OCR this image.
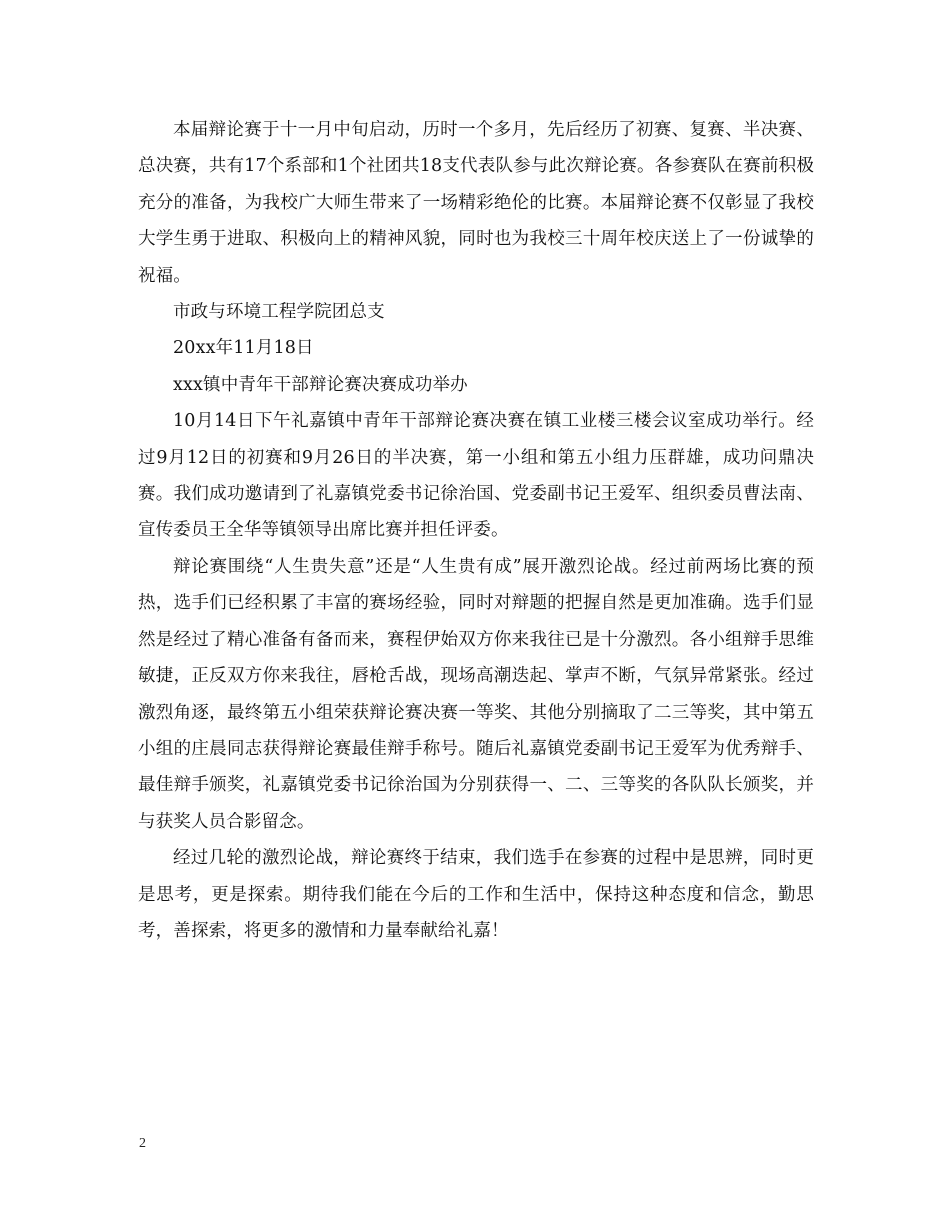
本届辩论赛于十一月中旬启动，历时一个多月，先后经历了初赛、复赛、半决赛、总决赛，共有17个系部和1个社团共18支代表队参与此次辩论赛。各参赛队在赛前积极充分的准备，为我校广大师生带来了一场精彩绝伦的比赛。本届辩论赛不仅彰显了我校大学生勇于进取、积极向上的精神风貌，同时也为我校三十周年校庆送上了一份诚挚的祝福。

市政与环境工程学院团总支

20xx年11月18日

xxx镇中青年干部辩论赛决赛成功举办

10月14日下午礼嘉镇中青年干部辩论赛决赛在镇工业楼三楼会议室成功举行。经过9月12日的初赛和9月26日的半决赛，第一小组和第五小组力压群雄，成功问鼎决赛。我们成功邀请到了礼嘉镇党委书记徐治国、党委副书记王爱军、组织委员曹法南、宣传委员王全华等镇领导出席比赛并担任评委。

辩论赛围绕“人生贵失意”还是“人生贵有成”展开激烈论战。经过前两场比赛的预热，选手们已经积累了丰富的赛场经验，同时对辩题的把握自然是更加准确。选手们显然是经过了精心准备有备而来，赛程伊始双方你来我往已是十分激烈。各小组辩手思维敏捷，正反双方你来我往，唇枪舌战，现场高潮迭起、掌声不断，气氛异常紧张。经过激烈角逐，最终第五小组荣获辩论赛决赛一等奖、其他分别摘取了二三等奖，其中第五小组的庄晨同志获得辩论赛最佳辩手称号。随后礼嘉镇党委副书记王爱军为优秀辩手、最佳辩手颁奖，礼嘉镇党委书记徐治国为分别获得一、二、三等奖的各队队长颁奖，并与获奖人员合影留念。

经过几轮的激烈论战，辩论赛终于结束，我们选手在参赛的过程中是思辨，同时更是思考，更是探索。期待我们能在今后的工作和生活中，保持这种态度和信念，勤思考，善探索，将更多的激情和力量奉献给礼嘉！

2
